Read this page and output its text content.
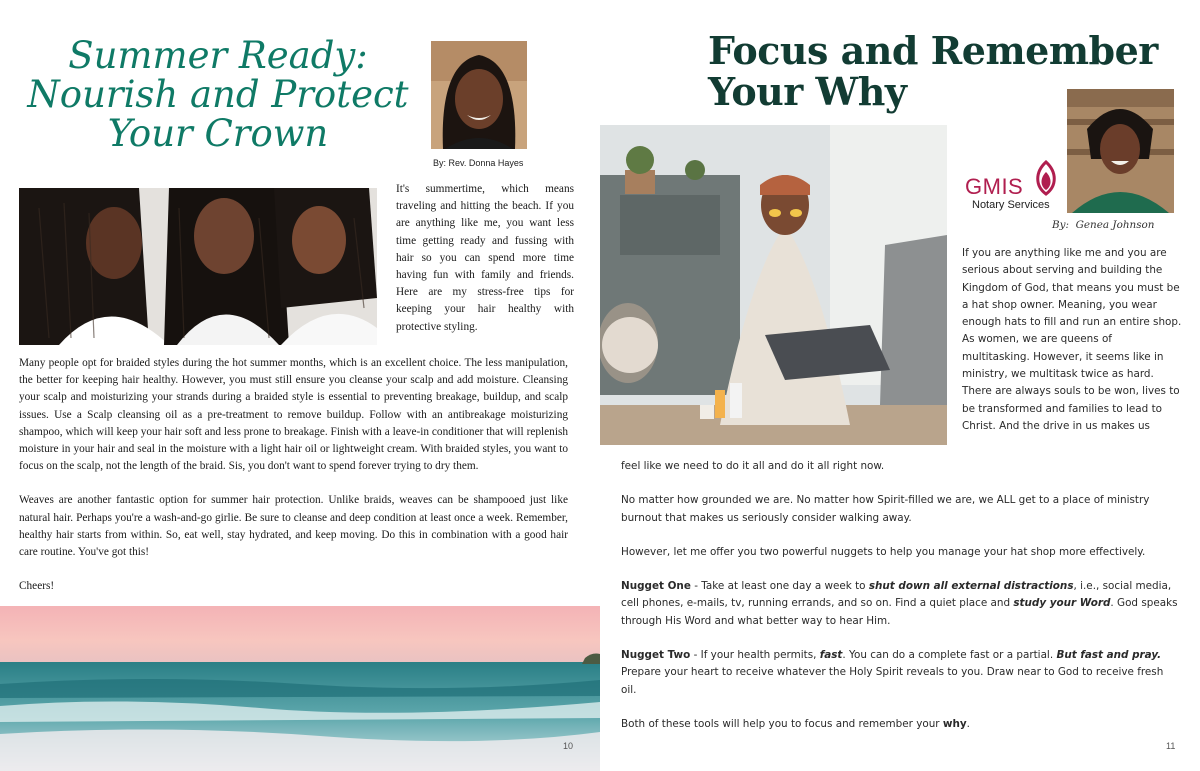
Summer Ready:
Nourish and Protect
Your Crown
By: Rev. Donna Hayes

It's summertime, which means traveling and hitting the beach. If you are anything like me, you want less time getting ready and fussing with hair so you can spend more time having fun with family and friends. Here are my stress-free tips for keeping your hair healthy with protective styling.

Many people opt for braided styles during the hot summer months, which is an excellent choice. The less manipulation, the better for keeping hair healthy. However, you must still ensure you cleanse your scalp and add moisture. Cleansing your scalp and moisturizing your strands during a braided style is essential to preventing breakage, buildup, and scalp issues. Use a Scalp cleansing oil as a pre-treatment to remove buildup. Follow with an antibreakage moisturizing shampoo, which will keep your hair soft and less prone to breakage. Finish with a leave-in conditioner that will replenish moisture in your hair and seal in the moisture with a light hair oil or lightweight cream. With braided styles, you want to focus on the scalp, not the length of the braid. Sis, you don't want to spend forever trying to dry them.

Weaves are another fantastic option for summer hair protection. Unlike braids, weaves can be shampooed just like natural hair. Perhaps you're a wash-and-go girlie. Be sure to cleanse and deep condition at least once a week. Remember, healthy hair starts from within. So, eat well, stay hydrated, and keep moving. Do this in combination with a good hair care routine. You've got this!

Cheers!

10
Focus and Remember
Your Why
GMIS
Notary Services
By:  Genea Johnson

If you are anything like me and you are serious about serving and building the Kingdom of God, that means you must be a hat shop owner. Meaning, you wear enough hats to fill and run an entire shop. As women, we are queens of multitasking. However, it seems like in ministry, we multitask twice as hard. There are always souls to be won, lives to be transformed and families to lead to Christ. And the drive in us makes us

feel like we need to do it all and do it all right now.

No matter how grounded we are. No matter how Spirit-filled we are, we ALL get to a place of ministry burnout that makes us seriously consider walking away.

However, let me offer you two powerful nuggets to help you manage your hat shop more effectively.

Nugget One - Take at least one day a week to shut down all external distractions, i.e., social media, cell phones, e-mails, tv, running errands, and so on. Find a quiet place and study your Word. God speaks through His Word and what better way to hear Him.

Nugget Two - If your health permits, fast. You can do a complete fast or a partial. But fast and pray. Prepare your heart to receive whatever the Holy Spirit reveals to you. Draw near to God to receive fresh oil.

Both of these tools will help you to focus and remember your why.

11
